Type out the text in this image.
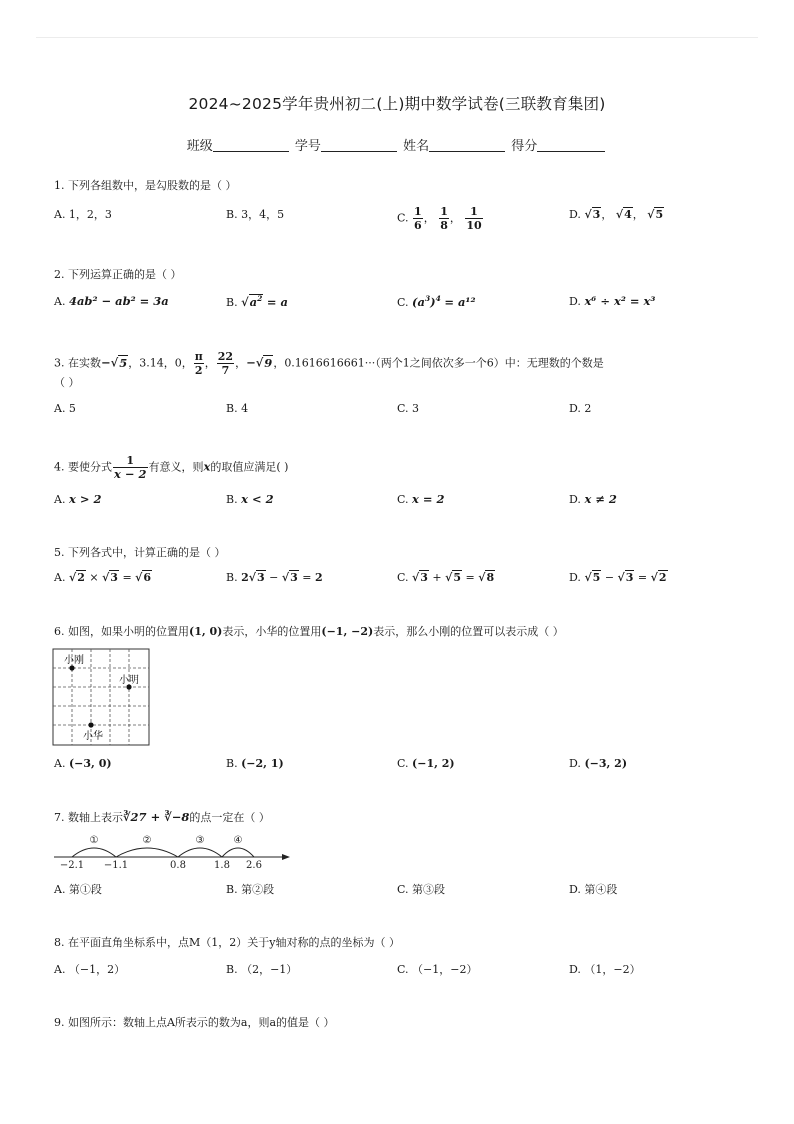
2024~2025学年贵州初二(上)期中数学试卷(三联教育集团)
班级	学号	姓名	得分
1. 下列各组数中，是勾股数的是（ ）
A. 1，2，3	B. 3，4，5	C. $\frac{1}{6}$ ， $\frac{1}{8}$ ， $\frac{1}{10}$	D. √3， √4， √5
2. 下列运算正确的是（ ）
A. 4ab² − ab² = 3a	B. $√a^2 = a$	C. $(a^3)^4 = a^{12}$	D. x⁶ ÷ x² = x³
3. 在实数−√5，3.14，0， $\frac{\pi}{2}$ ， $\frac{22}{7}$ ，−√9，0.1616616661···（两个1之间依次多一个6）中：无理数的个数是
（ ）
A. 5	B. 4	C. 3	D. 2
4. 要使分式 $\frac{1}{x - 2}$ 有意义，则x的取值应满足( )
A. x > 2	B. x < 2	C. x = 2	D. x ≠ 2
5. 下列各式中，计算正确的是（ ）
A. √2 × √3 = √6	B. 2√3 − √3 = 2	C. √3 + √5 = √8	D. √5 − √3 = √2
6. 如图，如果小明的位置用(1, 0)表示，小华的位置用(−1, −2)表示，那么小刚的位置可以表示成（ ）
小刚
小明
小华
A. (−3, 0)	B. (−2, 1)	C. (−1, 2)	D. (−3, 2)
7. 数轴上表示∛27 + ∛−8的点一定在（ ）
①	②	③	④
−2.1 −1.1	0.8	1.8 2.6
A. 第①段	B. 第②段	C. 第③段	D. 第④段
8. 在平面直角坐标系中，点M（1，2）关于y轴对称的点的坐标为（ ）
A. （−1，2）	B. （2，−1）	C. （−1，−2）	D. （1，−2）
9. 如图所示：数轴上点A所表示的数为a，则a的值是（ ）
